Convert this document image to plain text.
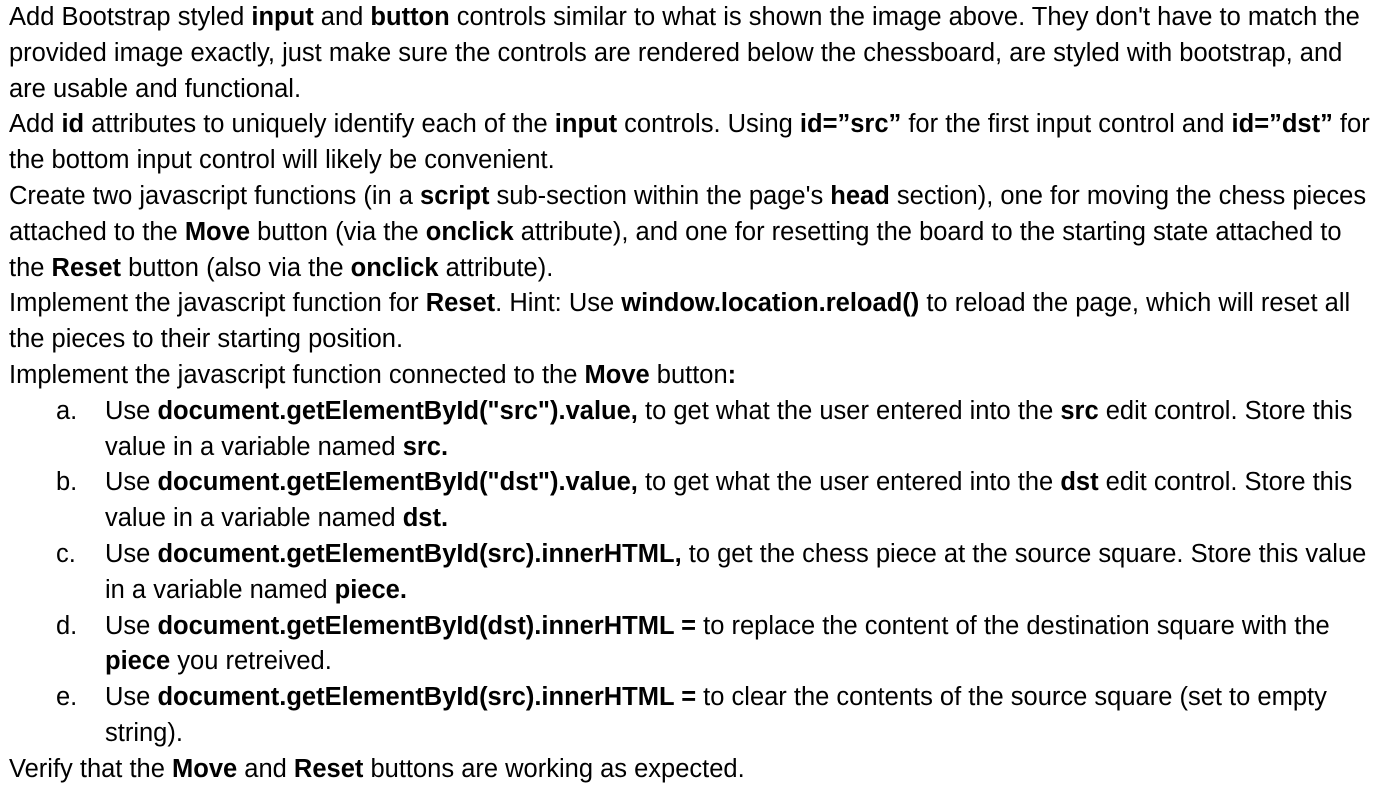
Add Bootstrap styled input and button controls similar to what is shown the image above. They don't have to match the provided image exactly, just make sure the controls are rendered below the chessboard, are styled with bootstrap, and are usable and functional.

Add id attributes to uniquely identify each of the input controls. Using id=”src” for the first input control and id=”dst” for the bottom input control will likely be convenient.

Create two javascript functions (in a script sub-section within the page's head section), one for moving the chess pieces attached to the Move button (via the onclick attribute), and one for resetting the board to the starting state attached to the Reset button (also via the onclick attribute).

Implement the javascript function for Reset. Hint: Use window.location.reload() to reload the page, which will reset all the pieces to their starting position.

Implement the javascript function connected to the Move button:

a. Use document.getElementById("src").value, to get what the user entered into the src edit control. Store this value in a variable named src.
b. Use document.getElementById("dst").value, to get what the user entered into the dst edit control. Store this value in a variable named dst.
c. Use document.getElementById(src).innerHTML, to get the chess piece at the source square. Store this value in a variable named piece.
d. Use document.getElementById(dst).innerHTML = to replace the content of the destination square with the piece you retreived.
e. Use document.getElementById(src).innerHTML = to clear the contents of the source square (set to empty string).

Verify that the Move and Reset buttons are working as expected.
